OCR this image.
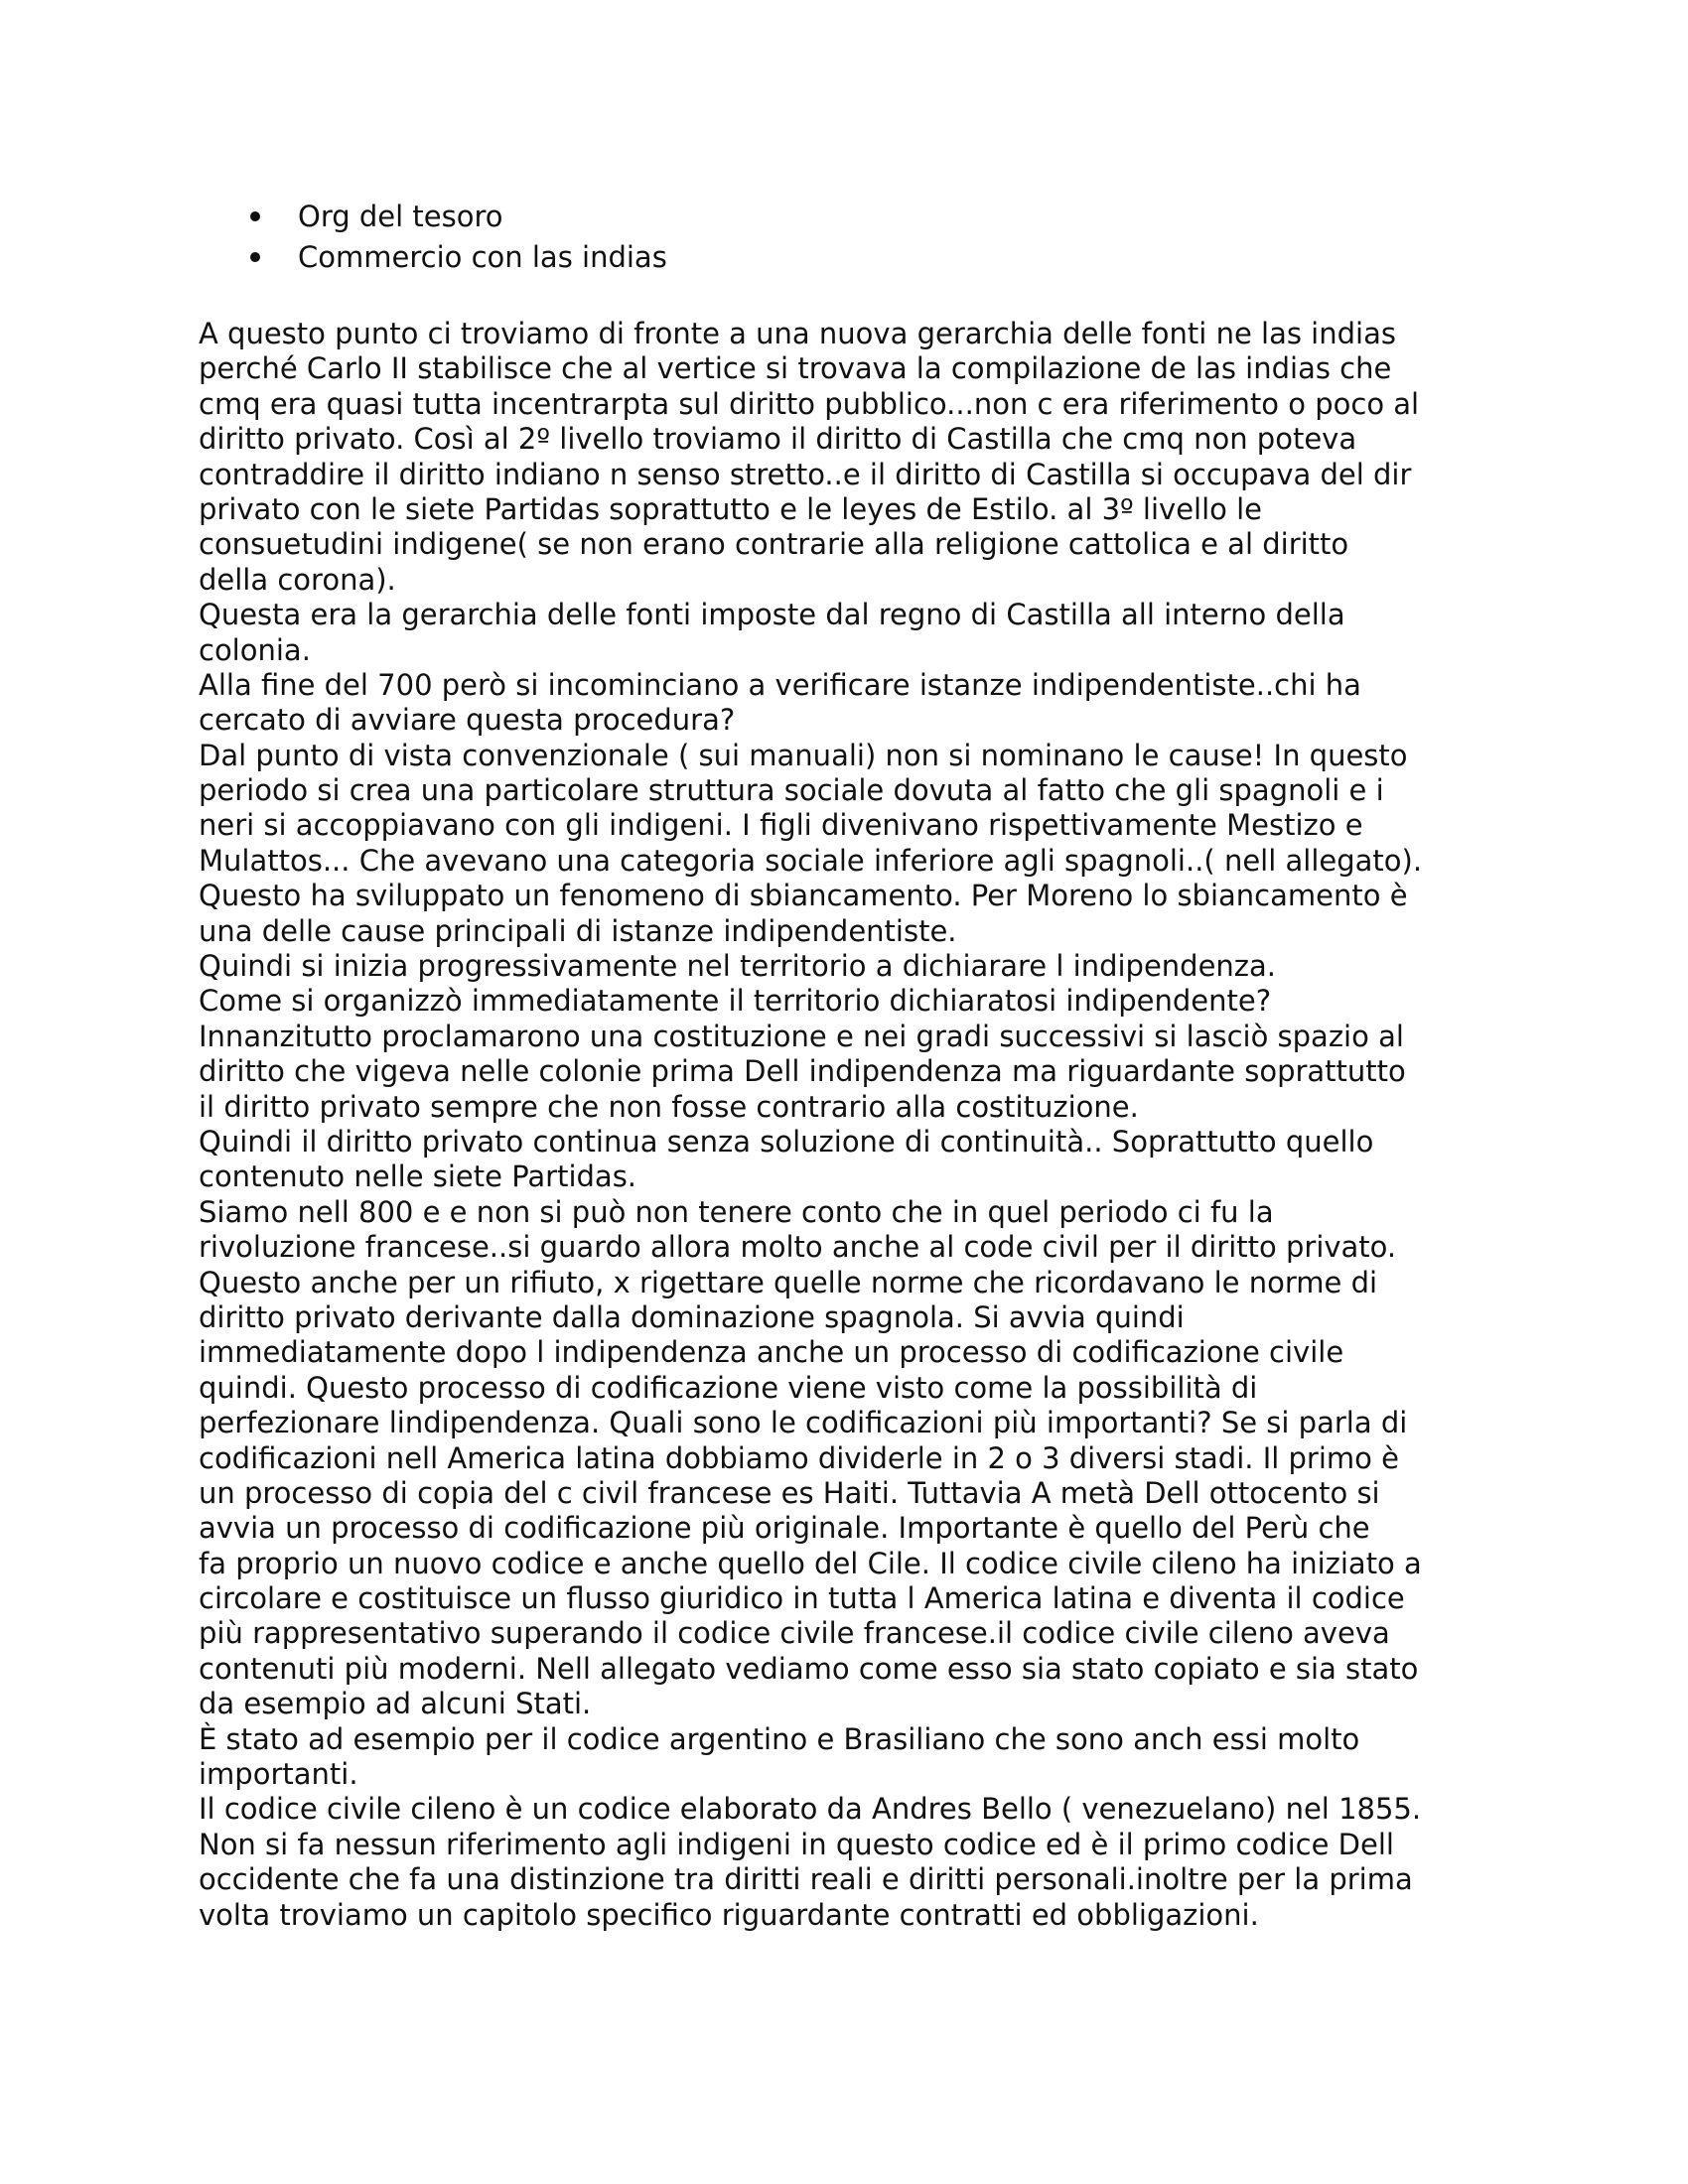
Org del tesoro
Commercio con las indias
A questo punto ci troviamo di fronte a una nuova gerarchia delle fonti ne las indias
perché Carlo II stabilisce che al vertice si trovava la compilazione de las indias che
cmq era quasi tutta incentrarpta sul diritto pubblico...non c era riferimento o poco al
diritto privato. Così al 2º livello troviamo il diritto di Castilla che cmq non poteva
contraddire il diritto indiano n senso stretto..e il diritto di Castilla si occupava del dir
privato con le siete Partidas soprattutto e le leyes de Estilo. al 3º livello le
consuetudini indigene( se non erano contrarie alla religione cattolica e al diritto
della corona).
Questa era la gerarchia delle fonti imposte dal regno di Castilla all interno della
colonia.
Alla fine del 700 però si incominciano a verificare istanze indipendentiste..chi ha
cercato di avviare questa procedura?
Dal punto di vista convenzionale ( sui manuali) non si nominano le cause! In questo
periodo si crea una particolare struttura sociale dovuta al fatto che gli spagnoli e i
neri si accoppiavano con gli indigeni. I figli divenivano rispettivamente Mestizo e
Mulattos... Che avevano una categoria sociale inferiore agli spagnoli..( nell allegato).
Questo ha sviluppato un fenomeno di sbiancamento. Per Moreno lo sbiancamento è
una delle cause principali di istanze indipendentiste.
Quindi si inizia progressivamente nel territorio a dichiarare l indipendenza.
Come si organizzò immediatamente il territorio dichiaratosi indipendente?
Innanzitutto proclamarono una costituzione e nei gradi successivi si lasciò spazio al
diritto che vigeva nelle colonie prima Dell indipendenza ma riguardante soprattutto
il diritto privato sempre che non fosse contrario alla costituzione.
Quindi il diritto privato continua senza soluzione di continuità.. Soprattutto quello
contenuto nelle siete Partidas.
Siamo nell 800 e e non si può non tenere conto che in quel periodo ci fu la
rivoluzione francese..si guardo allora molto anche al code civil per il diritto privato.
Questo anche per un rifiuto, x rigettare quelle norme che ricordavano le norme di
diritto privato derivante dalla dominazione spagnola. Si avvia quindi
immediatamente dopo l indipendenza anche un processo di codificazione civile
quindi. Questo processo di codificazione viene visto come la possibilità di
perfezionare lindipendenza. Quali sono le codificazioni più importanti? Se si parla di
codificazioni nell America latina dobbiamo dividerle in 2 o 3 diversi stadi. Il primo è
un processo di copia del c civil francese es Haiti. Tuttavia A metà Dell ottocento si
avvia un processo di codificazione più originale. Importante è quello del Perù che
fa proprio un nuovo codice e anche quello del Cile. Il codice civile cileno ha iniziato a
circolare e costituisce un flusso giuridico in tutta l America latina e diventa il codice
più rappresentativo superando il codice civile francese.il codice civile cileno aveva
contenuti più moderni. Nell allegato vediamo come esso sia stato copiato e sia stato
da esempio ad alcuni Stati.
È stato ad esempio per il codice argentino e Brasiliano che sono anch essi molto
importanti.
Il codice civile cileno è un codice elaborato da Andres Bello ( venezuelano) nel 1855.
Non si fa nessun riferimento agli indigeni in questo codice ed è il primo codice Dell
occidente che fa una distinzione tra diritti reali e diritti personali.inoltre per la prima
volta troviamo un capitolo specifico riguardante contratti ed obbligazioni.
